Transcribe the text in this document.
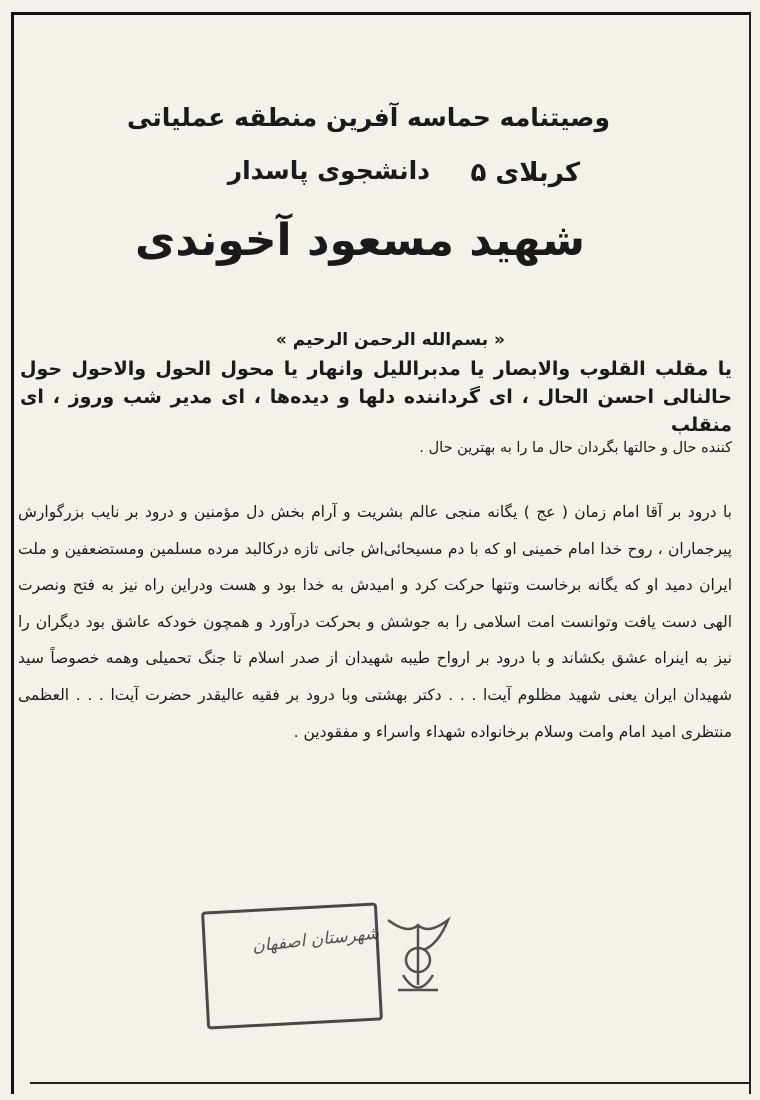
وصیتنامه حماسه آفرین منطقه عملیاتی
کربلای ۵
دانشجوی پاسدار
شهید مسعود آخوندی
« بسم‌الله الرحمن الرحیم »
یا مقلب القلوب والابصار یا مدبراللیل وانهار یا محول الحول والاحول حول حالنالی احسن الحال ، ای گرداننده دلها و دیده‌ها ، ای مدیر شب وروز ، ای منقلب
کننده حال و حالتها بگردان حال ما را به بهترین حال .

با درود بر آقا امام زمان ( عج ) یگانه منجی عالم بشریت و آرام بخش دل مؤمنین و درود بر نایب بزرگوارش پیرجماران ، روح خدا امام خمینی او که با دم مسیحائی‌اش جانی تازه درکالبد مرده مسلمین ومستضعفین و ملت ایران دمید او که یگانه برخاست وتنها حرکت کرد و امیدش به خدا بود و هست ودراین راه نیز به فتح ونصرت الهی دست یافت وتوانست امت اسلامی را به جوشش و بحرکت درآورد و همچون خودکه عاشق بود دیگران را نیز به اینراه عشق بکشاند و با درود بر ارواح طیبه شهیدان از صدر اسلام تا جنگ تحمیلی وهمه خصوصاً سید شهیدان ایران یعنی شهید مظلوم آیت‌ا . . . دکتر بهشتی وبا درود بر فقیه عالیقدر حضرت آیت‌ا . . . العظمی منتظری امید امام وامت وسلام برخانواده شهداء واسراء و مفقودین .

شهرستان اصفهان
